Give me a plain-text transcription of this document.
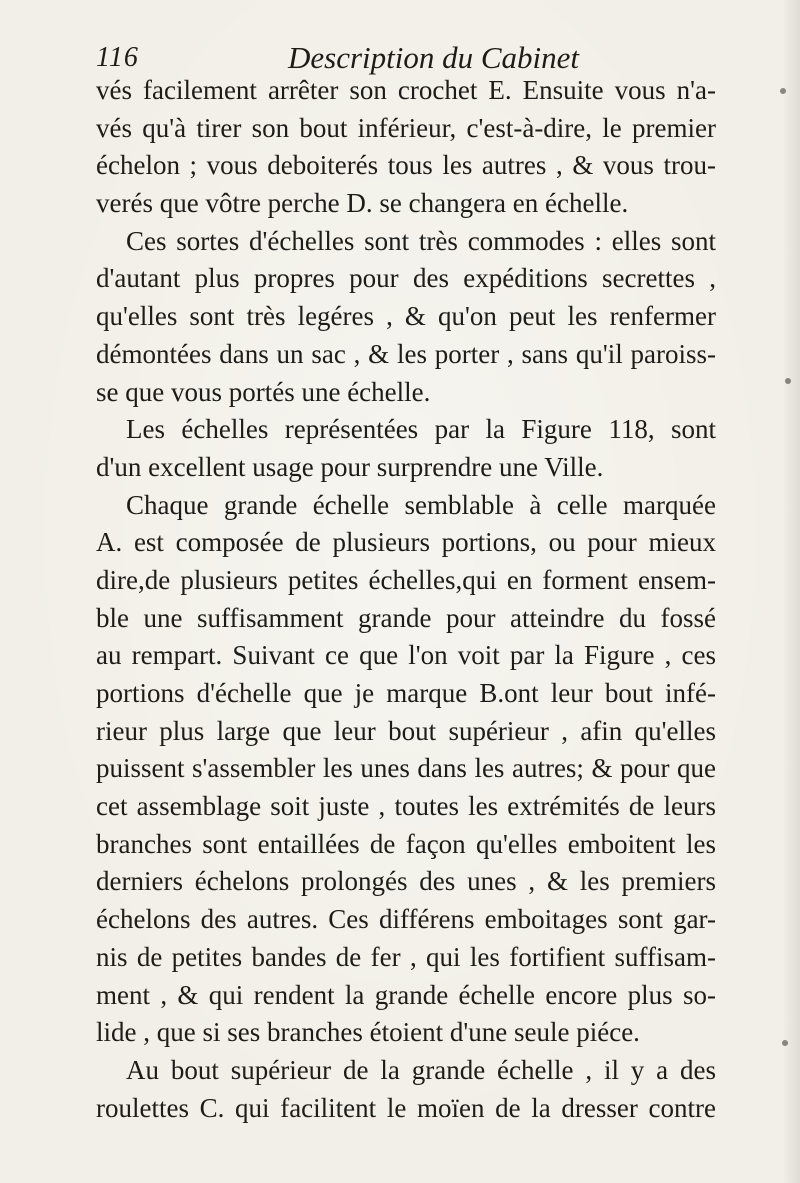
116	Description du Cabinet
vés facilement arrêter son crochet E. Ensuite vous n'a-
vés qu'à tirer son bout inférieur, c'est-à-dire, le premier
échelon ; vous deboiterés tous les autres , & vous trou-
verés que vôtre perche D. se changera en échelle.
Ces sortes d'échelles sont très commodes : elles sont
d'autant plus propres pour des expéditions secrettes ,
qu'elles sont très legéres , & qu'on peut les renfermer
démontées dans un sac , & les porter , sans qu'il paroiss-
se que vous portés une échelle.
Les échelles représentées par la Figure 118, sont
d'un excellent usage pour surprendre une Ville.
Chaque grande échelle semblable à celle marquée
A. est composée de plusieurs portions, ou pour mieux
dire,de plusieurs petites échelles,qui en forment ensem-
ble une suffisamment grande pour atteindre du fossé
au rempart. Suivant ce que l'on voit par la Figure , ces
portions d'échelle que je marque B.ont leur bout infé-
rieur plus large que leur bout supérieur , afin qu'elles
puissent s'assembler les unes dans les autres; & pour que
cet assemblage soit juste , toutes les extrémités de leurs
branches sont entaillées de façon qu'elles emboitent les
derniers échelons prolongés des unes , & les premiers
échelons des autres. Ces différens emboitages sont gar-
nis de petites bandes de fer , qui les fortifient suffisam-
ment , & qui rendent la grande échelle encore plus so-
lide , que si ses branches étoient d'une seule piéce.
Au bout supérieur de la grande échelle , il y a des
roulettes C. qui facilitent le moïen de la dresser contre
